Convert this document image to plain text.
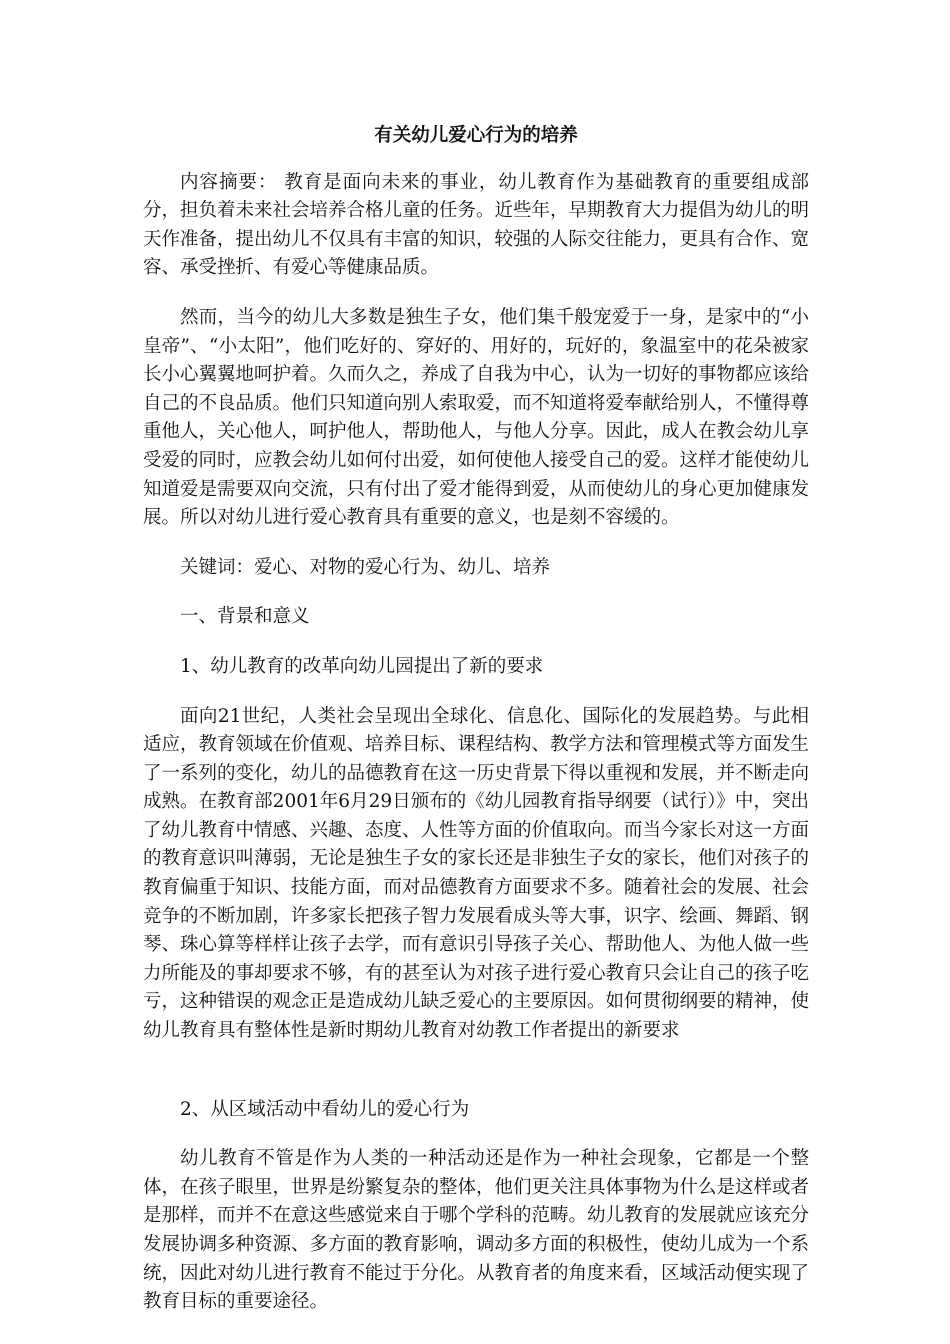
有关幼儿爱心行为的培养

内容摘要： 教育是面向未来的事业，幼儿教育作为基础教育的重要组成部分，担负着未来社会培养合格儿童的任务。近些年，早期教育大力提倡为幼儿的明天作准备，提出幼儿不仅具有丰富的知识，较强的人际交往能力，更具有合作、宽容、承受挫折、有爱心等健康品质。

然而，当今的幼儿大多数是独生子女，他们集千般宠爱于一身，是家中的“小皇帝”、“小太阳”，他们吃好的、穿好的、用好的，玩好的，象温室中的花朵被家长小心翼翼地呵护着。久而久之，养成了自我为中心，认为一切好的事物都应该给自己的不良品质。他们只知道向别人索取爱，而不知道将爱奉献给别人，不懂得尊重他人，关心他人，呵护他人，帮助他人，与他人分享。因此，成人在教会幼儿享受爱的同时，应教会幼儿如何付出爱，如何使他人接受自己的爱。这样才能使幼儿知道爱是需要双向交流，只有付出了爱才能得到爱，从而使幼儿的身心更加健康发展。所以对幼儿进行爱心教育具有重要的意义，也是刻不容缓的。

关键词：爱心、对物的爱心行为、幼儿、培养

一、背景和意义

1、幼儿教育的改革向幼儿园提出了新的要求

面向21世纪，人类社会呈现出全球化、信息化、国际化的发展趋势。与此相适应，教育领域在价值观、培养目标、课程结构、教学方法和管理模式等方面发生了一系列的变化，幼儿的品德教育在这一历史背景下得以重视和发展，并不断走向成熟。在教育部2001年6月29日颁布的《幼儿园教育指导纲要（试行）》中，突出了幼儿教育中情感、兴趣、态度、人性等方面的价值取向。而当今家长对这一方面的教育意识叫薄弱，无论是独生子女的家长还是非独生子女的家长，他们对孩子的教育偏重于知识、技能方面，而对品德教育方面要求不多。随着社会的发展、社会竞争的不断加剧，许多家长把孩子智力发展看成头等大事，识字、绘画、舞蹈、钢琴、珠心算等样样让孩子去学，而有意识引导孩子关心、帮助他人、为他人做一些力所能及的事却要求不够，有的甚至认为对孩子进行爱心教育只会让自己的孩子吃亏，这种错误的观念正是造成幼儿缺乏爱心的主要原因。如何贯彻纲要的精神，使幼儿教育具有整体性是新时期幼儿教育对幼教工作者提出的新要求

2、从区域活动中看幼儿的爱心行为

幼儿教育不管是作为人类的一种活动还是作为一种社会现象，它都是一个整体，在孩子眼里，世界是纷繁复杂的整体，他们更关注具体事物为什么是这样或者是那样，而并不在意这些感觉来自于哪个学科的范畴。幼儿教育的发展就应该充分发展协调多种资源、多方面的教育影响，调动多方面的积极性，使幼儿成为一个系统，因此对幼儿进行教育不能过于分化。从教育者的角度来看，区域活动便实现了教育目标的重要途径。
